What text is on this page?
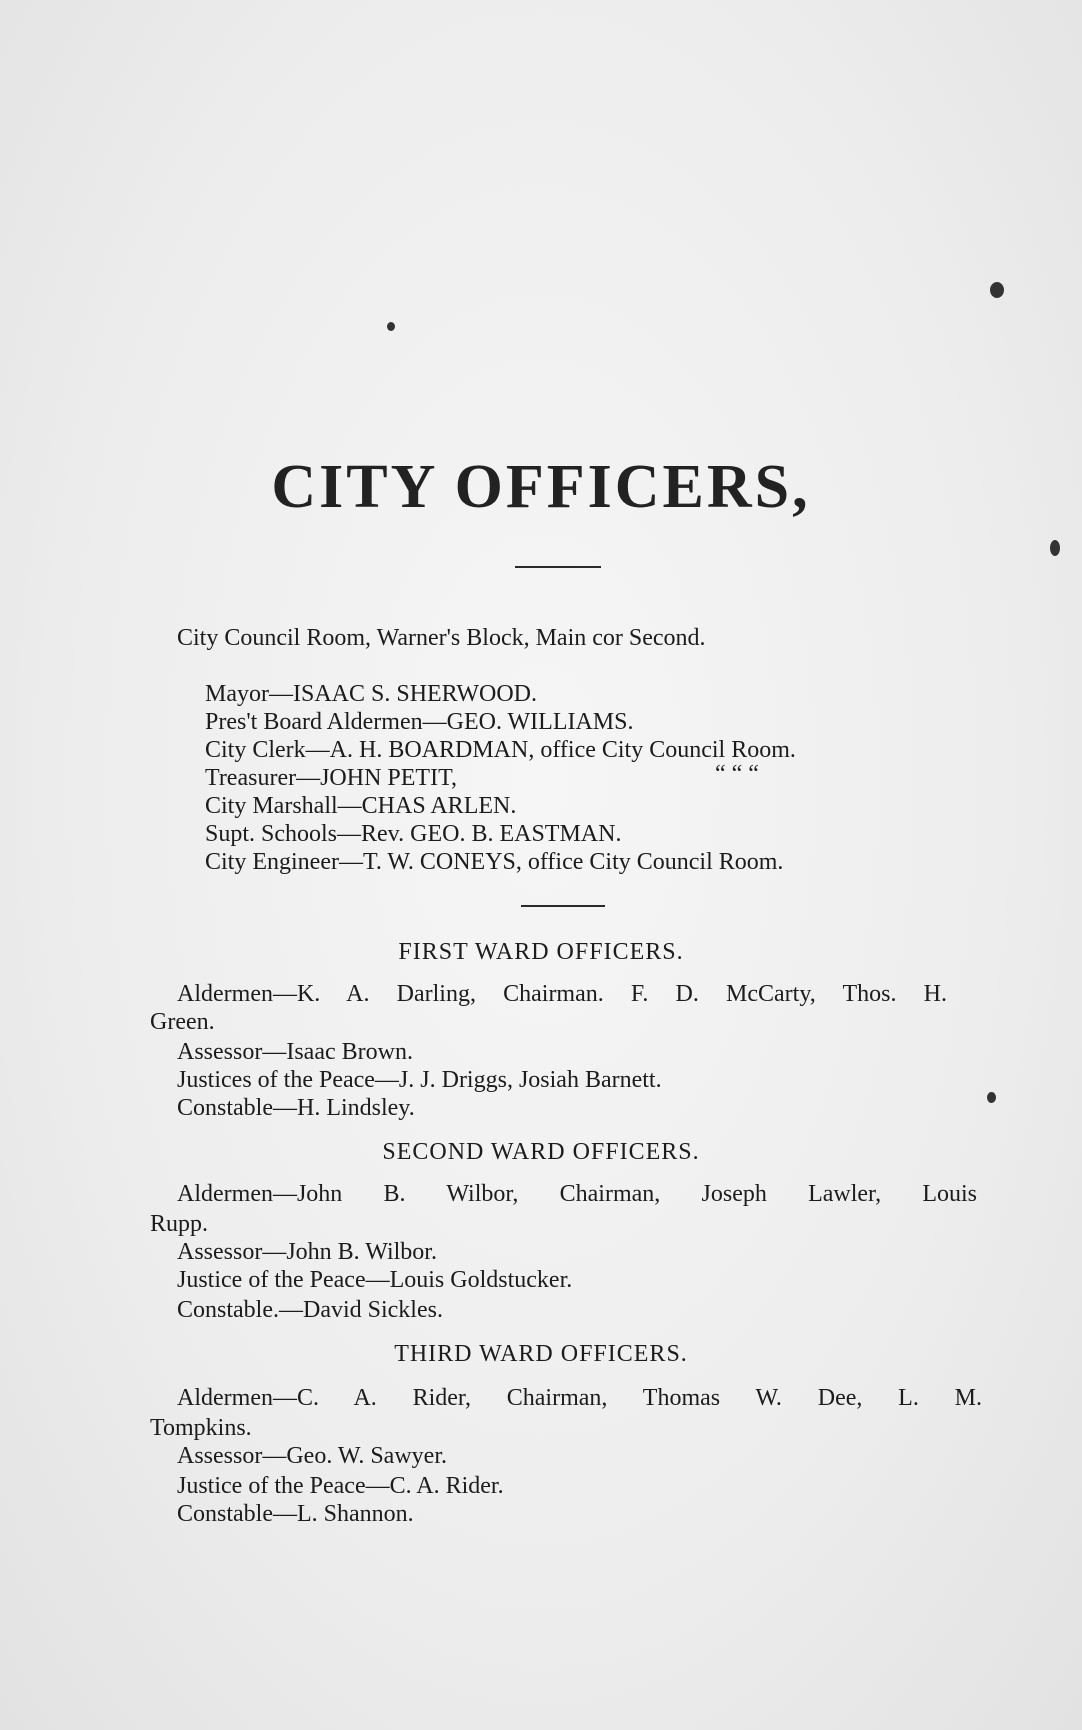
CITY OFFICERS,
City Council Room, Warner's Block, Main cor Second.
Mayor—ISAAC S. SHERWOOD.
Pres't Board Aldermen—GEO. WILLIAMS.
City Clerk—A. H. BOARDMAN, office City Council Room.
Treasurer—JOHN PETIT,	“ “ “
City Marshall—CHAS ARLEN.
Supt. Schools—Rev. GEO. B. EASTMAN.
City Engineer—T. W. CONEYS, office City Council Room.
FIRST WARD OFFICERS.
Aldermen—K. A. Darling, Chairman. F. D. McCarty, Thos. H.
Green.
Assessor—Isaac Brown.
Justices of the Peace—J. J. Driggs, Josiah Barnett.
Constable—H. Lindsley.
SECOND WARD OFFICERS.
Aldermen—John B. Wilbor, Chairman, Joseph Lawler, Louis
Rupp.
Assessor—John B. Wilbor.
Justice of the Peace—Louis Goldstucker.
Constable.—David Sickles.
THIRD WARD OFFICERS.
Aldermen—C. A. Rider, Chairman, Thomas W. Dee, L. M.
Tompkins.
Assessor—Geo. W. Sawyer.
Justice of the Peace—C. A. Rider.
Constable—L. Shannon.
